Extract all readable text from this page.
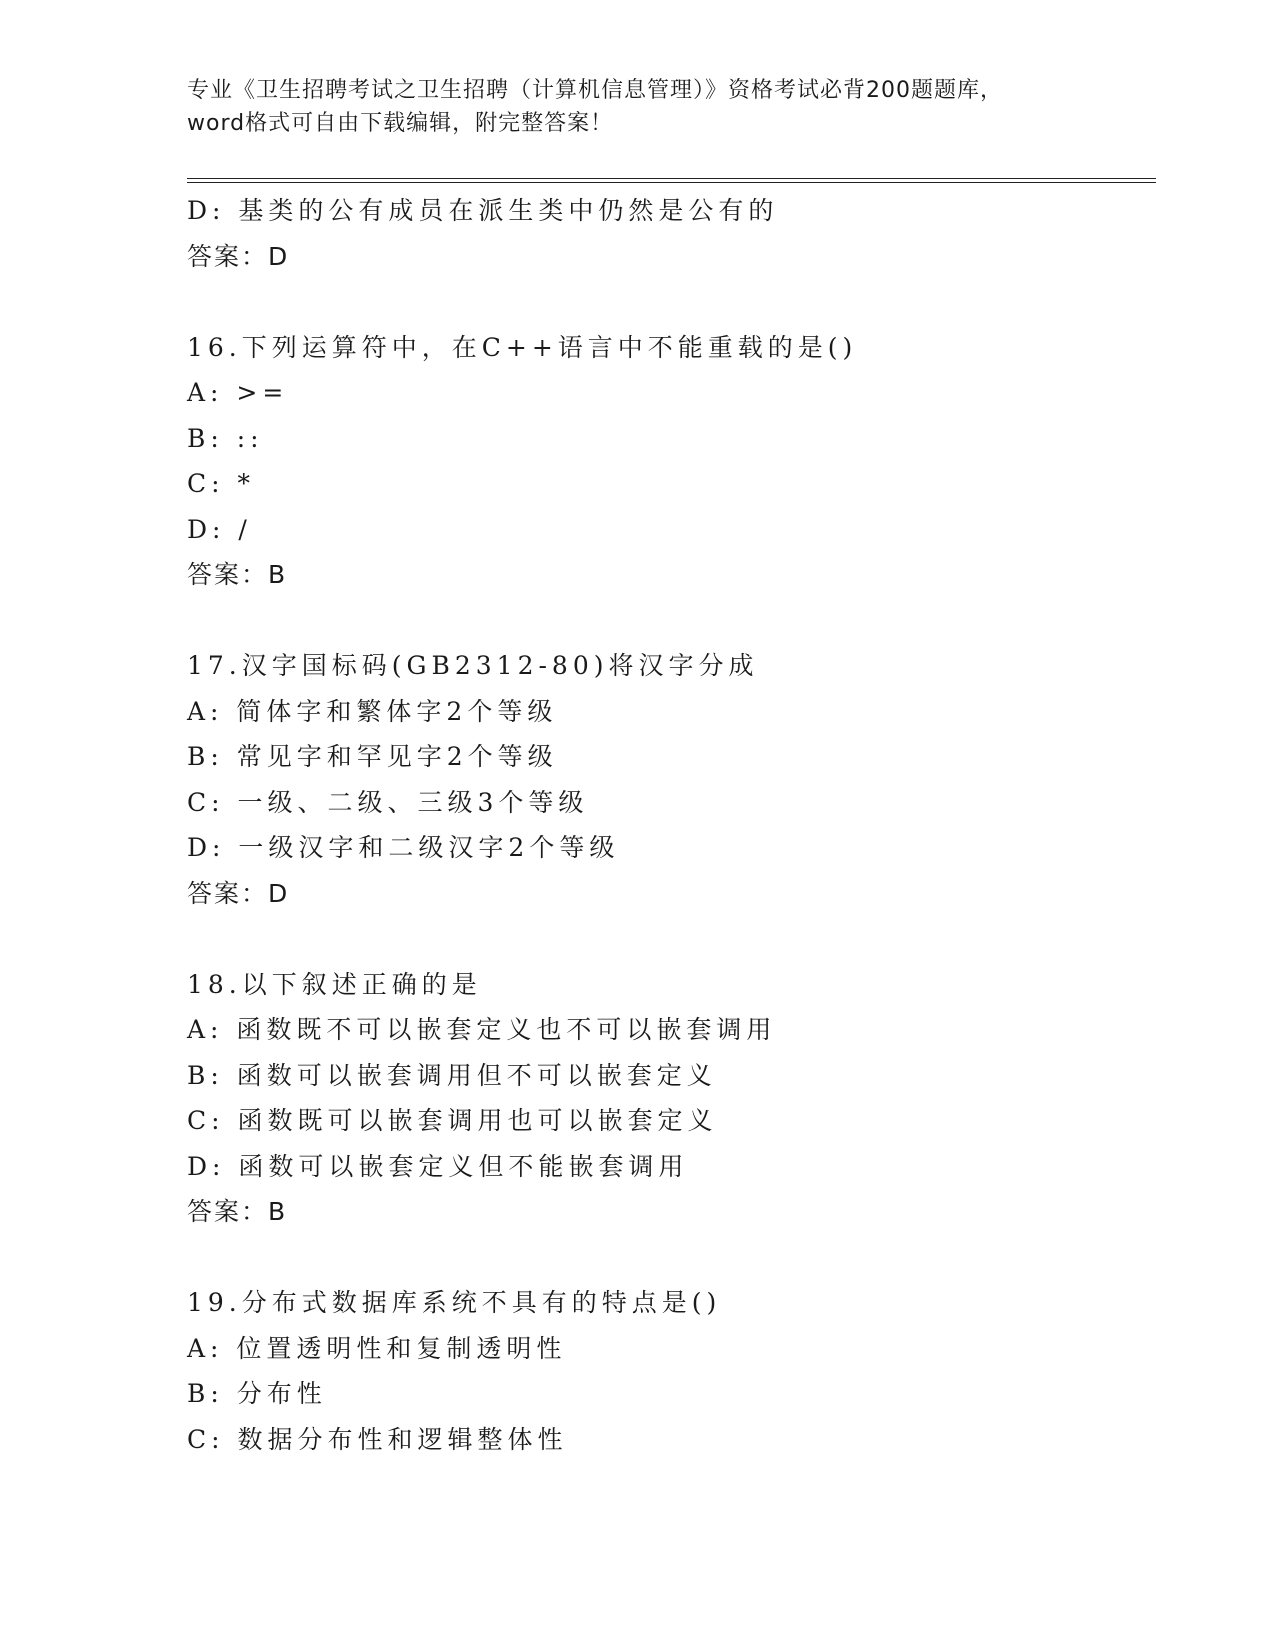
专业《卫生招聘考试之卫生招聘（计算机信息管理）》资格考试必背200题题库，
word格式可自由下载编辑，附完整答案！
D: 基类的公有成员在派生类中仍然是公有的
答案：D
16.下列运算符中，在C++语言中不能重载的是()
A: >=
B: ::
C: *
D: /
答案：B
17.汉字国标码(GB2312-80)将汉字分成
A: 简体字和繁体字2个等级
B: 常见字和罕见字2个等级
C: 一级、二级、三级3个等级
D: 一级汉字和二级汉字2个等级
答案：D
18.以下叙述正确的是
A: 函数既不可以嵌套定义也不可以嵌套调用
B: 函数可以嵌套调用但不可以嵌套定义
C: 函数既可以嵌套调用也可以嵌套定义
D: 函数可以嵌套定义但不能嵌套调用
答案：B
19.分布式数据库系统不具有的特点是()
A: 位置透明性和复制透明性
B: 分布性
C: 数据分布性和逻辑整体性
